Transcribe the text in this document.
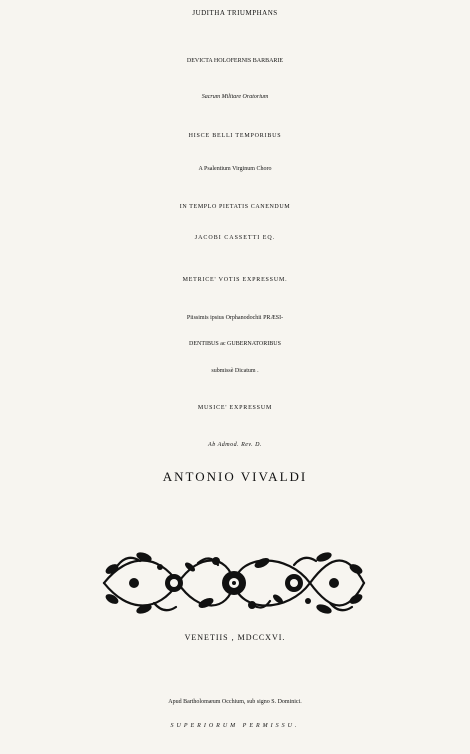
JUDITHA TRIUMPHANS
DEVICTA HOLOFERNIS BARBARIE
Sacrum Militare Oratorium
HISCE BELLI TEMPORIBUS
A Psalentium Virginum Choro
IN TEMPLO PIETATIS CANENDUM
JACOBI CASSETTI EQ.
METRICE' VOTIS EXPRESSUM.
Piissimis ipsius Orphanodochii PRÆSI-
DENTIBUS ac GUBERNATORIBUS
submissè Dicatum .
MUSICE' EXPRESSUM
Ab Admod. Rev. D.
ANTONIO VIVALDI
VENETIIS , MDCCXVI.
Apud Bartholomæum Occhium, sub signo S. Dominici.
SUPERIORUM PERMISSU.
